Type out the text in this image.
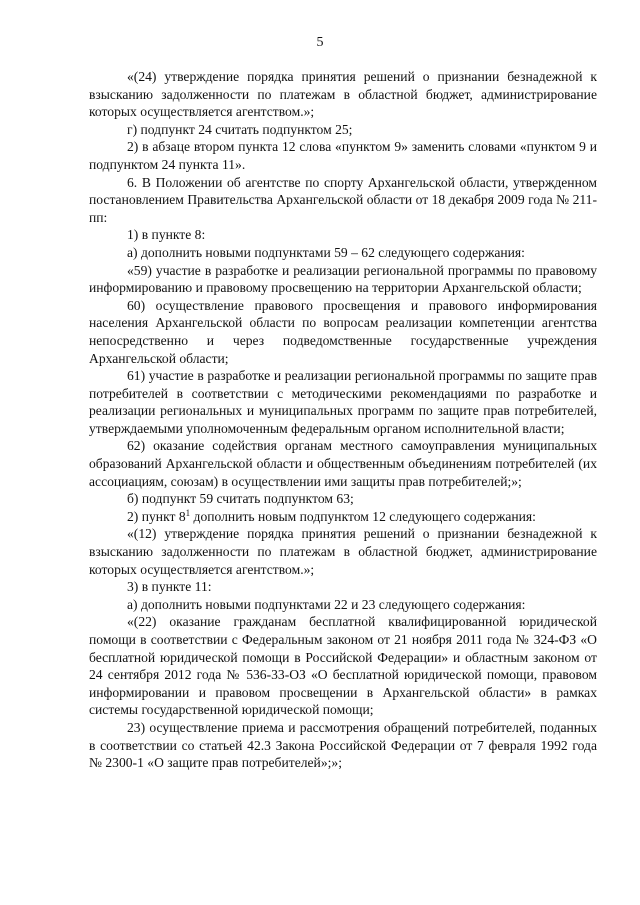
5

«(24) утверждение порядка принятия решений о признании безнадежной к взысканию задолженности по платежам в областной бюджет, администрирование которых осуществляется агентством.»;

г) подпункт 24 считать подпунктом 25;

2) в абзаце втором пункта 12 слова «пунктом 9» заменить словами «пунктом 9 и подпунктом 24 пункта 11».

6. В Положении об агентстве по спорту Архангельской области, утвержденном постановлением Правительства Архангельской области от 18 декабря 2009 года № 211-пп:

1) в пункте 8:

а) дополнить новыми подпунктами 59 – 62 следующего содержания:

«59) участие в разработке и реализации региональной программы по правовому информированию и правовому просвещению на территории Архангельской области;

60) осуществление правового просвещения и правового информирования населения Архангельской области по вопросам реализации компетенции агентства непосредственно и через подведомственные государственные учреждения Архангельской области;

61) участие в разработке и реализации региональной программы по защите прав потребителей в соответствии с методическими рекомендациями по разработке и реализации региональных и муниципальных программ по защите прав потребителей, утверждаемыми уполномоченным федеральным органом исполнительной власти;

62) оказание содействия органам местного самоуправления муниципальных образований Архангельской области и общественным объединениям потребителей (их ассоциациям, союзам) в осуществлении ими защиты прав потребителей;»;

б) подпункт 59 считать подпунктом 63;

2) пункт $8^1$ дополнить новым подпунктом 12 следующего содержания:

«(12) утверждение порядка принятия решений о признании безнадежной к взысканию задолженности по платежам в областной бюджет, администрирование которых осуществляется агентством.»;

3) в пункте 11:

а) дополнить новыми подпунктами 22 и 23 следующего содержания:

«(22) оказание гражданам бесплатной квалифицированной юридической помощи в соответствии с Федеральным законом от 21 ноября 2011 года № 324-ФЗ «О бесплатной юридической помощи в Российской Федерации» и областным законом от 24 сентября 2012 года № 536-33-ОЗ «О бесплатной юридической помощи, правовом информировании и правовом просвещении в Архангельской области» в рамках системы государственной юридической помощи;

23) осуществление приема и рассмотрения обращений потребителей, поданных в соответствии со статьей 42.3 Закона Российской Федерации от 7 февраля 1992 года № 2300-1 «О защите прав потребителей»;»;
